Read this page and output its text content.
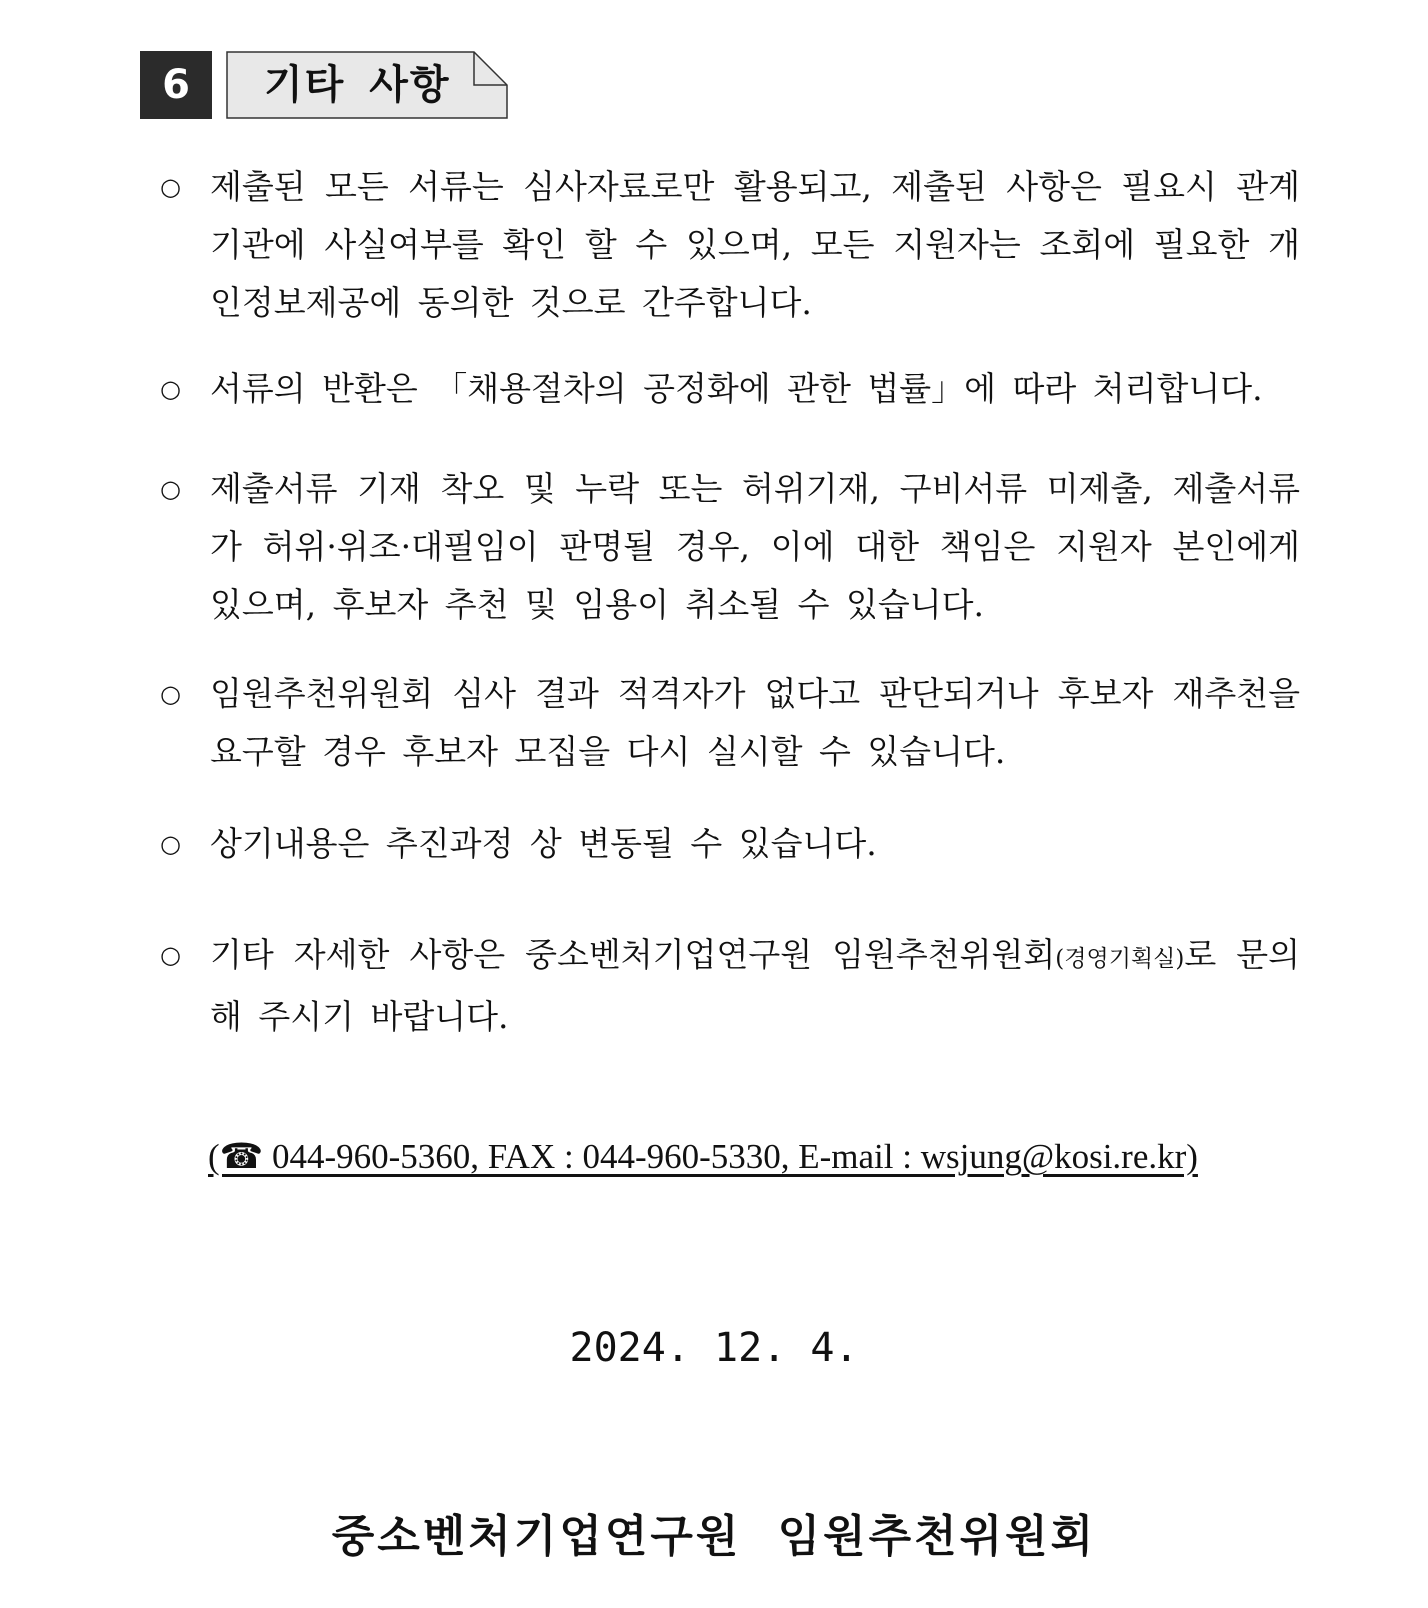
6	기타 사항
○ 제출된 모든 서류는 심사자료로만 활용되고, 제출된 사항은 필요시 관계기관에 사실여부를 확인 할 수 있으며, 모든 지원자는 조회에 필요한 개인정보제공에 동의한 것으로 간주합니다.
○ 서류의 반환은 「채용절차의 공정화에 관한 법률」에 따라 처리합니다.
○ 제출서류 기재 착오 및 누락 또는 허위기재, 구비서류 미제출, 제출서류가 허위·위조·대필임이 판명될 경우, 이에 대한 책임은 지원자 본인에게 있으며, 후보자 추천 및 임용이 취소될 수 있습니다.
○ 임원추천위원회 심사 결과 적격자가 없다고 판단되거나 후보자 재추천을 요구할 경우 후보자 모집을 다시 실시할 수 있습니다.
○ 상기내용은 추진과정 상 변동될 수 있습니다.
○ 기타 자세한 사항은 중소벤처기업연구원 임원추천위원회(경영기획실)로 문의해 주시기 바랍니다.
(☎ 044-960-5360, FAX : 044-960-5330, E-mail : wsjung@kosi.re.kr)
2024. 12. 4.
중소벤처기업연구원 임원추천위원회
